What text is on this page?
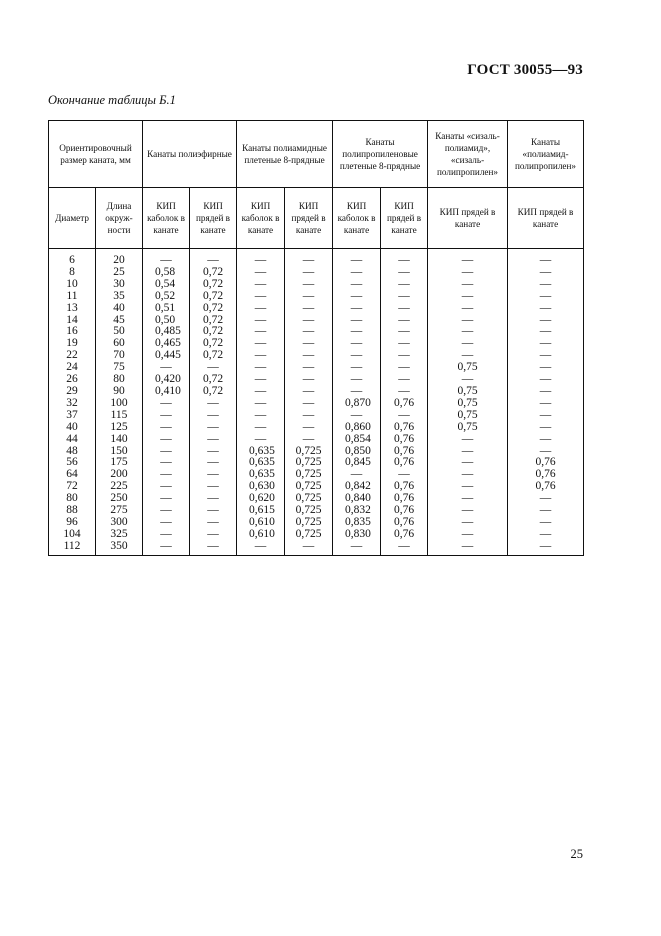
ГОСТ 30055—93
Окончание таблицы Б.1
Ориентировочный размер каната, мм		Канаты полиэфирные		Канаты полиамидные плетеные 8-прядные		Канаты полипропиленовые плетеные 8-прядные		Канаты «сизаль-полиамид», «сизаль-полипропилен»	Канаты «полиамид-полипропилен»
Диаметр	Длина окруж-ности	КИП каболок в канате	КИП прядей в канате	КИП каболок в канате	КИП прядей в канате	КИП каболок в канате	КИП прядей в канате	КИП прядей в канате	КИП прядей в канате
6	20	—	—	—	—	—	—	—	—
8	25	0,58	0,72	—	—	—	—	—	—
10	30	0,54	0,72	—	—	—	—	—	—
11	35	0,52	0,72	—	—	—	—	—	—
13	40	0,51	0,72	—	—	—	—	—	—
14	45	0,50	0,72	—	—	—	—	—	—
16	50	0,485	0,72	—	—	—	—	—	—
19	60	0,465	0,72	—	—	—	—	—	—
22	70	0,445	0,72	—	—	—	—	—	—
24	75	—	—	—	—	—	—	0,75	—
26	80	0,420	0,72	—	—	—	—	—	—
29	90	0,410	0,72	—	—	—	—	0,75	—
32	100	—	—	—	—	0,870	0,76	0,75	—
37	115	—	—	—	—	—	—	0,75	—
40	125	—	—	—	—	0,860	0,76	0,75	—
44	140	—	—	—	—	0,854	0,76	—	—
48	150	—	—	0,635	0,725	0,850	0,76	—	—
56	175	—	—	0,635	0,725	0,845	0,76	—	0,76
64	200	—	—	0,635	0,725	—	—	—	0,76
72	225	—	—	0,630	0,725	0,842	0,76	—	0,76
80	250	—	—	0,620	0,725	0,840	0,76	—	—
88	275	—	—	0,615	0,725	0,832	0,76	—	—
96	300	—	—	0,610	0,725	0,835	0,76	—	—
104	325	—	—	0,610	0,725	0,830	0,76	—	—
112	350	—	—	—	—	—	—	—	—
25
